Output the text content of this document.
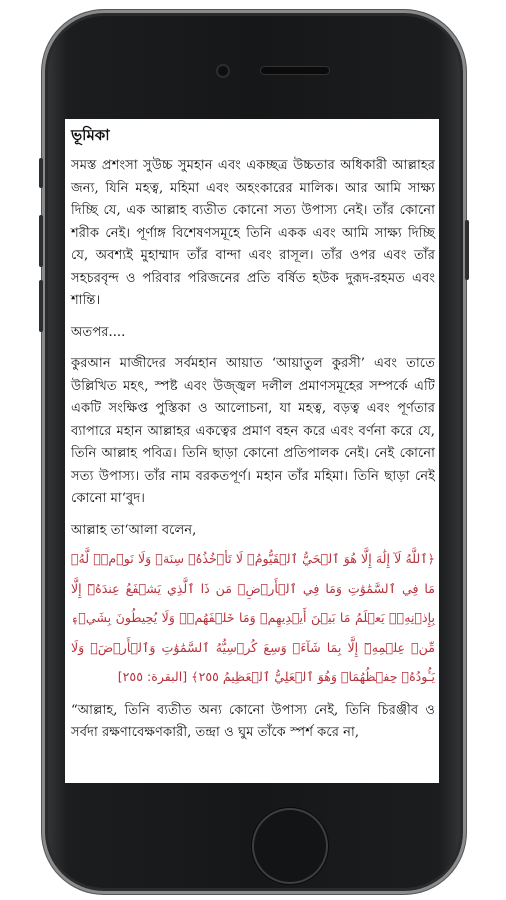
ভূমিকা

সমস্ত প্রশংসা সুউচ্চ সুমহান এবং একচ্ছত্র উচ্চতার অধিকারী আল্লাহর জন্য, যিনি মহত্ব, মহিমা এবং অহংকারের মালিক। আর আমি সাক্ষ্য দিচ্ছি যে, এক আল্লাহ ব্যতীত কোনো সত্য উপাস্য নেই। তাঁর কোনো শরীক নেই। পূর্ণাঙ্গ বিশেষণসমূহে তিনি একক এবং আমি সাক্ষ্য দিচ্ছি যে, অবশ্যই মুহাম্মাদ তাঁর বান্দা এবং রাসূল। তাঁর ওপর এবং তাঁর সহচরবৃন্দ ও পরিবার পরিজনের প্রতি বর্ষিত হউক দুরূদ-রহমত এবং শান্তি।

অতপর....

কুরআন মাজীদের সর্বমহান আয়াত ‘আয়াতুল কুরসী’ এবং তাতে উল্লিখিত মহৎ, স্পষ্ট এবং উজ্জ্বল দলীল প্রমাণসমূহের সম্পর্কে এটি একটি সংক্ষিপ্ত পুস্তিকা ও আলোচনা, যা মহত্ব, বড়ত্ব এবং পূর্ণতার ব্যাপারে মহান আল্লাহর একত্বের প্রমাণ বহন করে এবং বর্ণনা করে যে, তিনি আল্লাহ পবিত্র। তিনি ছাড়া কোনো প্রতিপালক নেই। নেই কোনো সত্য উপাস্য। তাঁর নাম বরকতপূর্ণ। মহান তাঁর মহিমা। তিনি ছাড়া নেই কোনো মা‘বুদ।

আল্লাহ তা‘আলা বলেন,

﴿ٱللَّهُ لَآ إِلَٰهَ إِلَّا هُوَ ٱلۡحَيُّ ٱلۡقَيُّومُۚ لَا تَأۡخُذُهُۥ سِنَةٞ وَلَا نَوۡمٞۚ لَّهُۥ مَا فِي ٱلسَّمَٰوَٰتِ وَمَا فِي ٱلۡأَرۡضِۗ مَن ذَا ٱلَّذِي يَشۡفَعُ عِندَهُۥٓ إِلَّا بِإِذۡنِهِۦۚ يَعۡلَمُ مَا بَيۡنَ أَيۡدِيهِمۡ وَمَا خَلۡفَهُمۡۖ وَلَا يُحِيطُونَ بِشَيۡءٖ مِّنۡ عِلۡمِهِۦٓ إِلَّا بِمَا شَآءَۚ وَسِعَ كُرۡسِيُّهُ ٱلسَّمَٰوَٰتِ وَٱلۡأَرۡضَۖ وَلَا يَـُٔودُهُۥ حِفۡظُهُمَاۚ وَهُوَ ٱلۡعَلِيُّ ٱلۡعَظِيمُ ٢٥٥﴾ [البقرة: ٢٥٥]

“আল্লাহ, তিনি ব্যতীত অন্য কোনো উপাস্য নেই, তিনি চিরঞ্জীব ও সর্বদা রক্ষণাবেক্ষণকারী, তন্দ্রা ও ঘুম তাঁকে স্পর্শ করে না,
